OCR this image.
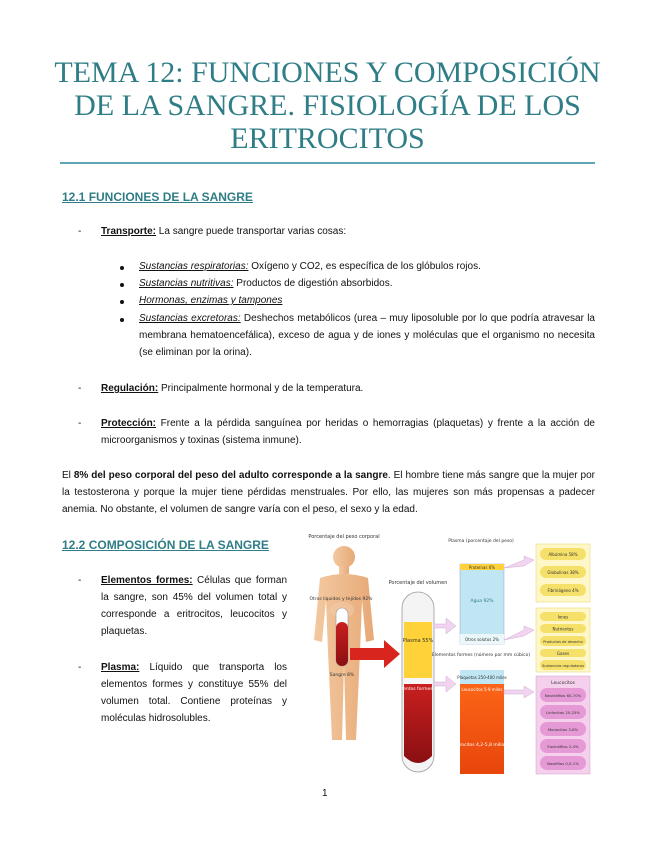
TEMA 12: FUNCIONES Y COMPOSICIÓN
DE LA SANGRE. FISIOLOGÍA DE LOS
ERITROCITOS
12.1 FUNCIONES DE LA SANGRE
- Transporte: La sangre puede transportar varias cosas:
Sustancias respiratorias: Oxígeno y CO2, es específica de los glóbulos rojos.
Sustancias nutritivas: Productos de digestión absorbidos.
Hormonas, enzimas y tampones
Sustancias excretoras: Deshechos metabólicos (urea – muy liposoluble por lo que podría atravesar la membrana hematoencefálica), exceso de agua y de iones y moléculas que el organismo no necesita (se eliminan por la orina).
- Regulación: Principalmente hormonal y de la temperatura.
- Protección: Frente a la pérdida sanguínea por heridas o hemorragias (plaquetas) y frente a la acción de microorganismos y toxinas (sistema inmune).
El 8% del peso corporal del peso del adulto corresponde a la sangre. El hombre tiene más sangre que la mujer por la testosterona y porque la mujer tiene pérdidas menstruales. Por ello, las mujeres son más propensas a padecer anemia. No obstante, el volumen de sangre varía con el peso, el sexo y la edad.
12.2 COMPOSICIÓN DE LA SANGRE
- Elementos formes: Células que forman la sangre, son 45% del volumen total y corresponde a eritrocitos, leucocitos y plaquetas.
- Plasma: Líquido que transporta los elementos formes y constituye 55% del volumen total. Contiene proteínas y moléculas hidrosolubles.
Porcentaje del peso corporal
Otros líquidos y tejidos 92%
Sangre 8%
Porcentaje del volumen
Plasma 55%
Elementos formes 45%
Plasma (porcentaje del peso)
Proteínas 6%
Agua 92%
Otros solutos 2%
Elementos formes (número por mm cúbico)
Plaquetas 250-400 miles
Leucocitos 5-9 miles
Eritrocitos 4,2-5,8 millones
Albúmina 58%
Globulinas 38%
Fibrinógeno 4%
Iones
Nutrientes
Productos de desecho
Gases
Sustancias reguladoras
Leucocitos
Neutrófilos 60-70%
Linfocitos 20-25%
Monocitos 3-8%
Eosinófilos 2-4%
Basófilos 0,5-1%
1
